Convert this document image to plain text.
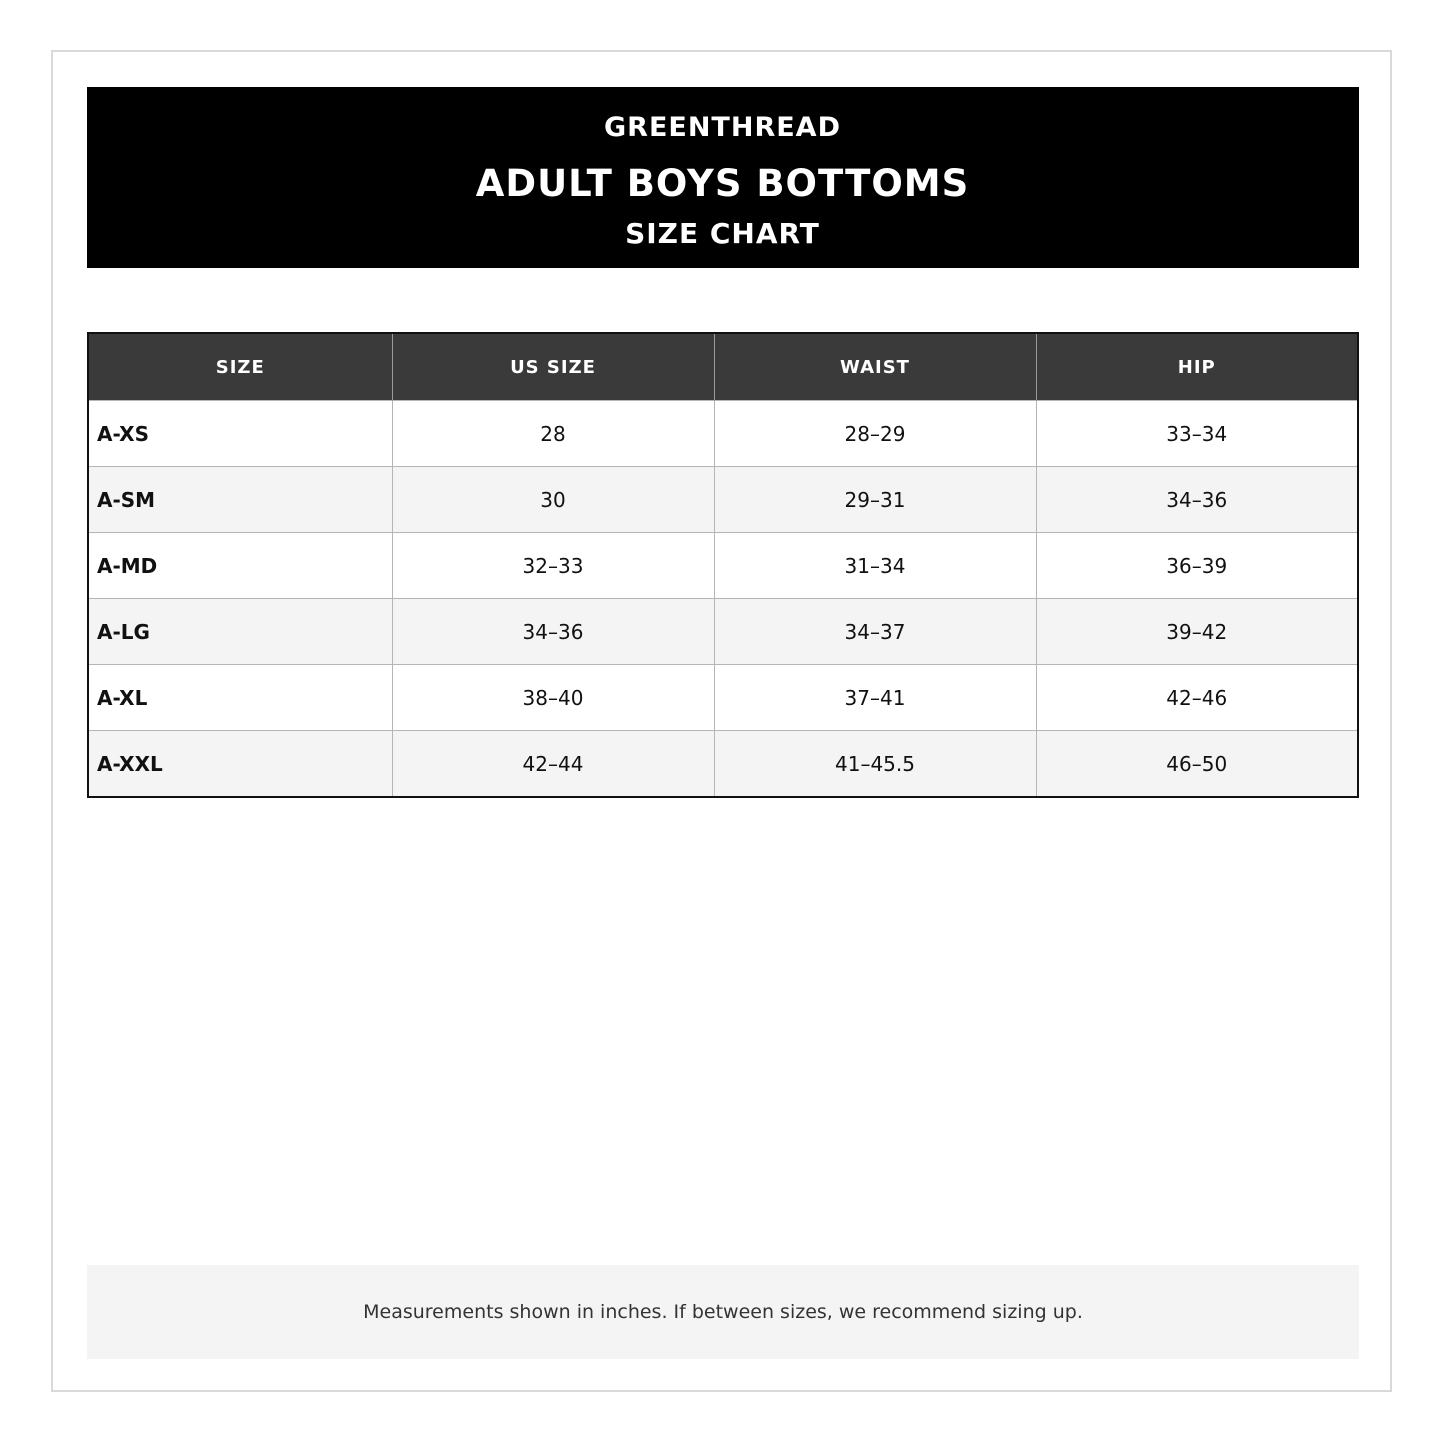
GREENTHREAD
ADULT BOYS BOTTOMS
SIZE CHART
SIZE	US SIZE	WAIST	HIP
A-XS	28	28–29	33–34
A-SM	30	29–31	34–36
A-MD	32–33	31–34	36–39
A-LG	34–36	34–37	39–42
A-XL	38–40	37–41	42–46
A-XXL	42–44	41–45.5	46–50
Measurements shown in inches. If between sizes, we recommend sizing up.
